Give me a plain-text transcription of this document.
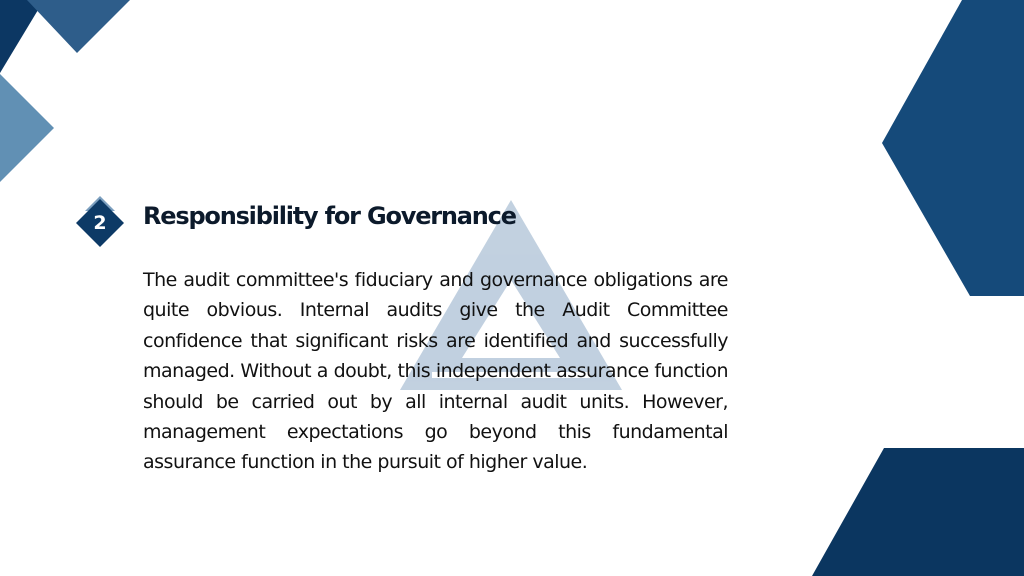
2	Responsibility for Governance

The audit committee's fiduciary and governance obligations are quite obvious. Internal audits give the Audit Committee confidence that significant risks are identified and successfully managed. Without a doubt, this independent assurance function should be carried out by all internal audit units. However, management expectations go beyond this fundamental assurance function in the pursuit of higher value.
